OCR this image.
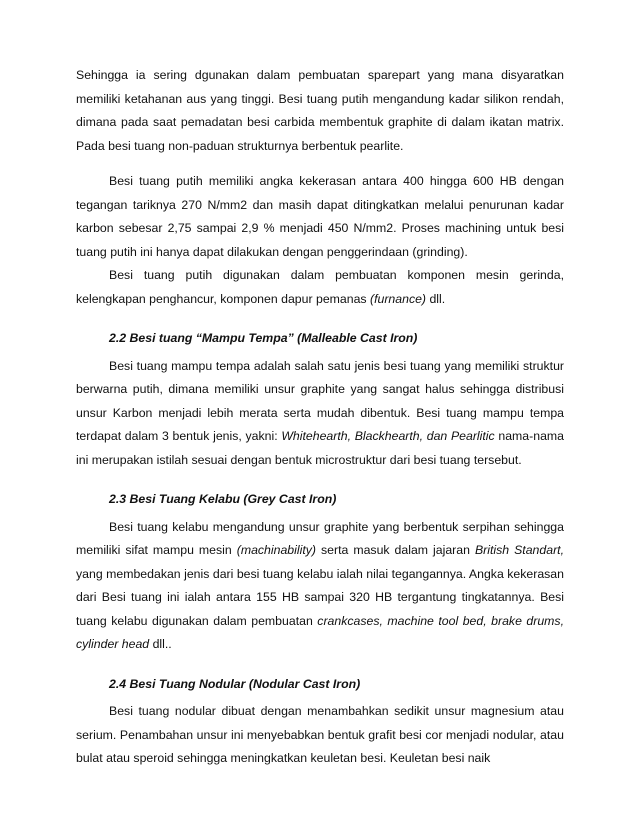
Sehingga ia sering dgunakan dalam pembuatan sparepart yang mana disyaratkan memiliki ketahanan aus yang tinggi. Besi tuang putih mengandung kadar silikon rendah, dimana pada saat pemadatan besi carbida membentuk graphite di dalam ikatan matrix. Pada besi tuang non-paduan strukturnya berbentuk pearlite.

Besi tuang putih memiliki angka kekerasan antara 400 hingga 600 HB dengan tegangan tariknya 270 N/mm2 dan masih dapat ditingkatkan melalui penurunan kadar karbon sebesar 2,75 sampai 2,9 % menjadi 450 N/mm2. Proses machining untuk besi tuang putih ini hanya dapat dilakukan dengan penggerindaan (grinding).

Besi tuang putih digunakan dalam pembuatan komponen mesin gerinda, kelengkapan penghancur, komponen dapur pemanas (furnance) dll.

2.2 Besi tuang “Mampu Tempa” (Malleable Cast Iron)

Besi tuang mampu tempa adalah salah satu jenis besi tuang yang memiliki struktur berwarna putih, dimana memiliki unsur graphite yang sangat halus sehingga distribusi unsur Karbon menjadi lebih merata serta mudah dibentuk. Besi tuang mampu tempa terdapat dalam 3 bentuk jenis, yakni: Whitehearth, Blackhearth, dan Pearlitic nama-nama ini merupakan istilah sesuai dengan bentuk microstruktur dari besi tuang tersebut.

2.3 Besi Tuang Kelabu (Grey Cast Iron)

Besi tuang kelabu mengandung unsur graphite yang berbentuk serpihan sehingga memiliki sifat mampu mesin (machinability) serta masuk dalam jajaran British Standart, yang membedakan jenis dari besi tuang kelabu ialah nilai tegangannya. Angka kekerasan dari Besi tuang ini ialah antara 155 HB sampai 320 HB tergantung tingkatannya. Besi tuang kelabu digunakan dalam pembuatan crankcases, machine tool bed, brake drums, cylinder head dll..

2.4 Besi Tuang Nodular (Nodular Cast Iron)

Besi tuang nodular dibuat dengan menambahkan sedikit unsur magnesium atau serium. Penambahan unsur ini menyebabkan bentuk grafit besi cor menjadi nodular, atau bulat atau speroid sehingga meningkatkan keuletan besi. Keuletan besi naik
